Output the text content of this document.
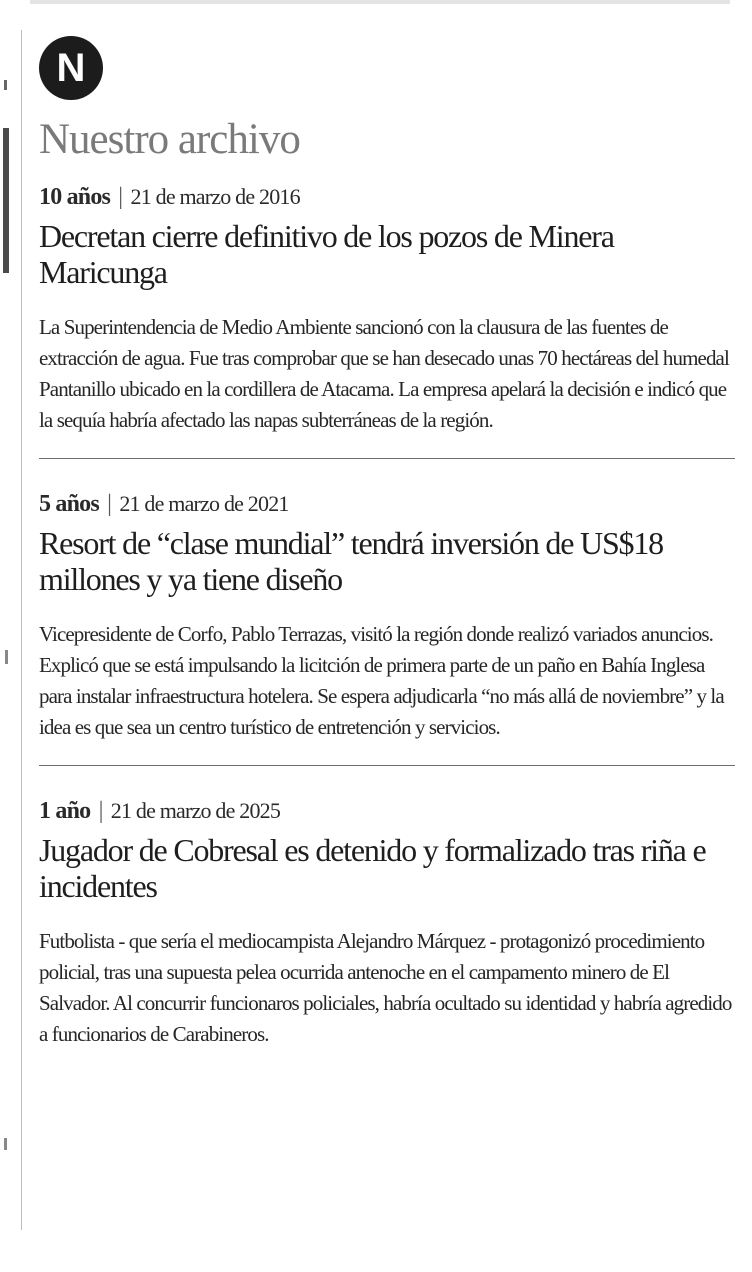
N
Nuestro archivo
10 años | 21 de marzo de 2016
Decretan cierre definitivo de los pozos de Minera Maricunga

La Superintendencia de Medio Ambiente sancionó con la clausura de las fuentes de extracción de agua. Fue tras comprobar que se han desecado unas 70 hectáreas del humedal Pantanillo ubicado en la cordillera de Atacama. La empresa apelará la decisión e indicó que la sequía habría afectado las napas subterráneas de la región.

5 años | 21 de marzo de 2021
Resort de “clase mundial” tendrá inversión de US$18 millones y ya tiene diseño

Vicepresidente de Corfo, Pablo Terrazas, visitó la región donde realizó variados anuncios. Explicó que se está impulsando la licitción de primera parte de un paño en Bahía Inglesa para instalar infraestructura hotelera. Se espera adjudicarla “no más allá de noviembre” y la idea es que sea un centro turístico de entretención y servicios.

1 año | 21 de marzo de 2025
Jugador de Cobresal es detenido y formalizado tras riña e incidentes

Futbolista - que sería el mediocampista Alejandro Márquez - protagonizó procedimiento policial, tras una supuesta pelea ocurrida antenoche en el campamento minero de El Salvador. Al concurrir funcionaros policiales, habría ocultado su identidad y habría agredido a funcionarios de Carabineros.
